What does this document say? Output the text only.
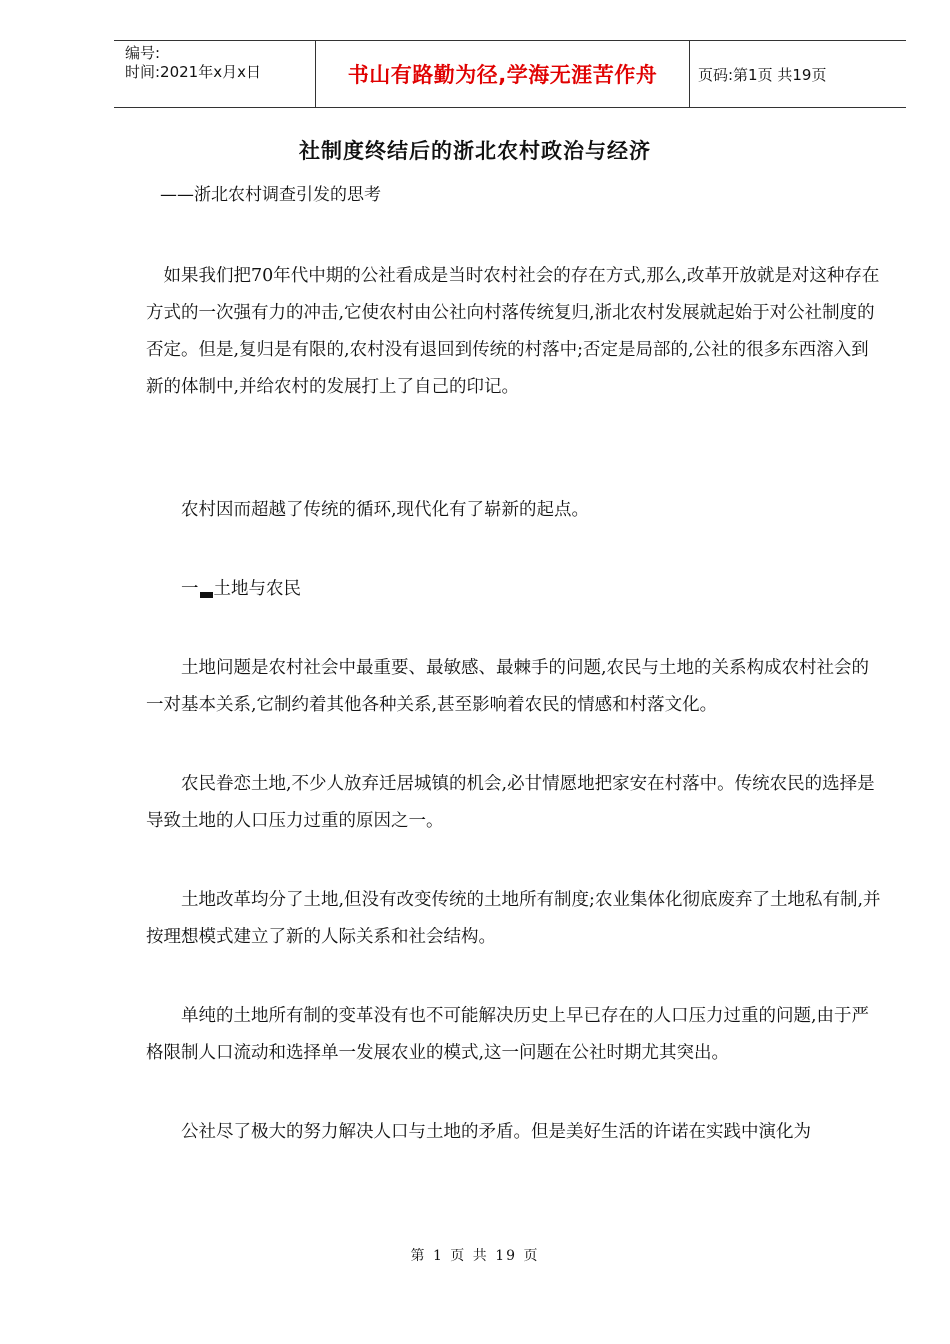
编号:
时间:2021年x月x日	书山有路勤为径,学海无涯苦作舟	页码:第1页 共19页
社制度终结后的浙北农村政治与经济
——浙北农村调查引发的思考

如果我们把70年代中期的公社看成是当时农村社会的存在方式,那么,改革开放就是对这种存在方式的一次强有力的冲击,它使农村由公社向村落传统复归,浙北农村发展就起始于对公社制度的否定。但是,复归是有限的,农村没有退回到传统的村落中;否定是局部的,公社的很多东西溶入到新的体制中,并给农村的发展打上了自己的印记。

农村因而超越了传统的循环,现代化有了崭新的起点。

一 土地与农民

土地问题是农村社会中最重要、最敏感、最棘手的问题,农民与土地的关系构成农村社会的一对基本关系,它制约着其他各种关系,甚至影响着农民的情感和村落文化。

农民眷恋土地,不少人放弃迁居城镇的机会,必甘情愿地把家安在村落中。传统农民的选择是导致土地的人口压力过重的原因之一。

土地改革均分了土地,但没有改变传统的土地所有制度;农业集体化彻底废弃了土地私有制,并按理想模式建立了新的人际关系和社会结构。

单纯的土地所有制的变革没有也不可能解决历史上早已存在的人口压力过重的问题,由于严格限制人口流动和选择单一发展农业的模式,这一问题在公社时期尤其突出。

公社尽了极大的努力解决人口与土地的矛盾。但是美好生活的许诺在实践中演化为

第 1 页 共 19 页
